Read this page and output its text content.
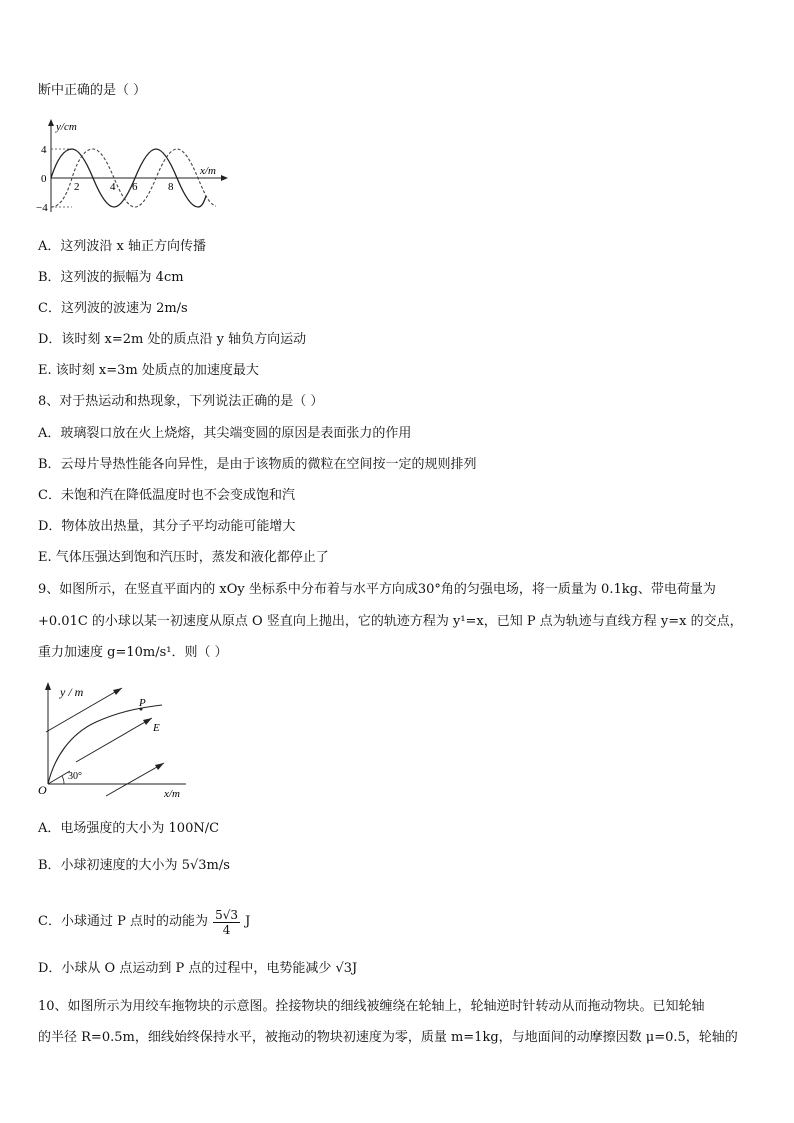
断中正确的是（ ）
y/cm
x/m
4
0
−4
2	4 6	8
A．这列波沿 x 轴正方向传播
B．这列波的振幅为 4cm
C．这列波的波速为 2m/s
D．该时刻 x=2m 处的质点沿 y 轴负方向运动
E. 该时刻 x=3m 处质点的加速度最大
8、对于热运动和热现象，下列说法正确的是（ ）
A．玻璃裂口放在火上烧熔，其尖端变圆的原因是表面张力的作用
B．云母片导热性能各向异性，是由于该物质的微粒在空间按一定的规则排列
C．未饱和汽在降低温度时也不会变成饱和汽
D．物体放出热量，其分子平均动能可能增大
E. 气体压强达到饱和汽压时，蒸发和液化都停止了
9、如图所示，在竖直平面内的 xOy 坐标系中分布着与水平方向成30°角的匀强电场，将一质量为 0.1kg、带电荷量为
+0.01C 的小球以某一初速度从原点 O 竖直向上抛出，它的轨迹方程为 y¹=x，已知 P 点为轨迹与直线方程 y=x 的交点，
重力加速度 g=10m/s¹．则（ ）
y / m
x/m
O
30°
P
E
A．电场强度的大小为 100N/C
B．小球初速度的大小为 5√3m/s
C．小球通过 P 点时的动能为 $\frac{5√3}{4}$ J
D．小球从 O 点运动到 P 点的过程中，电势能减少 √3J
10、如图所示为用绞车拖物块的示意图。拴接物块的细线被缠绕在轮轴上，轮轴逆时针转动从而拖动物块。已知轮轴
的半径 R=0.5m，细线始终保持水平，被拖动的物块初速度为零，质量 m=1kg，与地面间的动摩擦因数 μ=0.5，轮轴的
